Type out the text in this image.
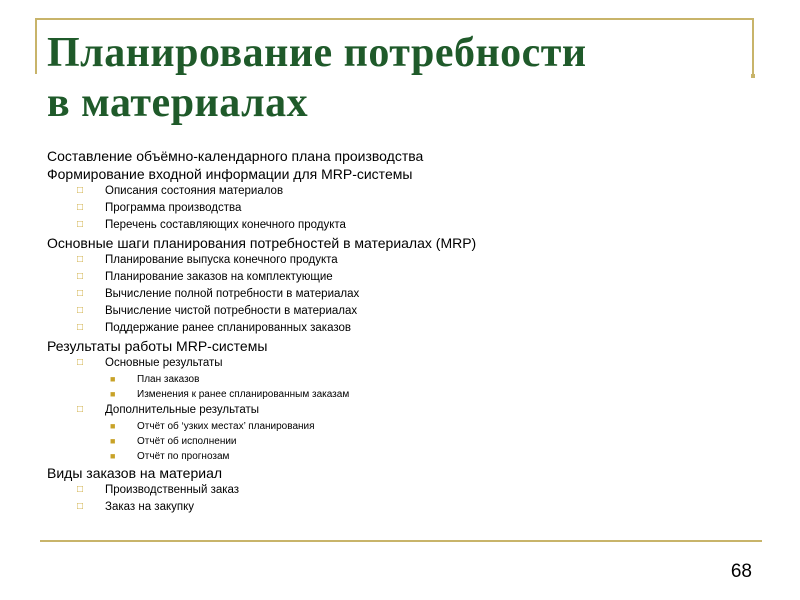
Планирование потребности
в материалах
Составление объёмно-календарного плана производства
Формирование входной информации для MRP-системы
□ Описания состояния материалов
□ Программа производства
□ Перечень составляющих конечного продукта
Основные шаги планирования потребностей в материалах (MRP)
□ Планирование выпуска конечного продукта
□ Планирование заказов на комплектующие
□ Вычисление полной потребности в материалах
□ Вычисление чистой потребности в материалах
□ Поддержание ранее спланированных заказов
Результаты работы MRP-системы
□ Основные результаты
■ План заказов
■ Изменения к ранее спланированным заказам
□ Дополнительные результаты
■ Отчёт об ‘узких местах’ планирования
■ Отчёт об исполнении
■ Отчёт по прогнозам
Виды заказов на материал
□ Производственный заказ
□ Заказ на закупку
68
